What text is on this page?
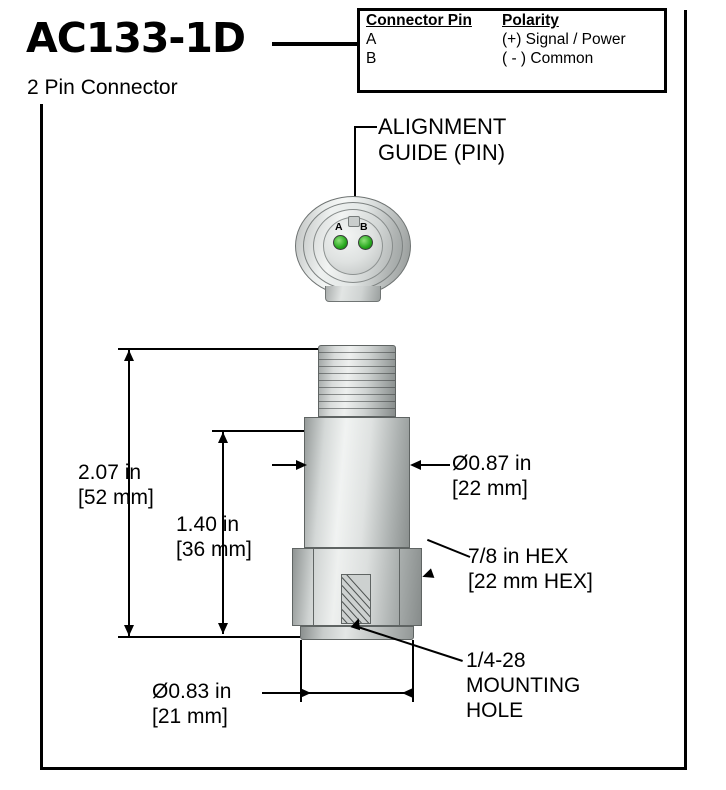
AC133-1D
2 Pin Connector
Connector Pin	Polarity
A	(+) Signal / Power
B	( - ) Common
ALIGNMENT
GUIDE (PIN)
A B
2.07 in
[52 mm]
1.40 in
[36 mm]
Ø0.87 in
[22 mm]
7/8 in HEX
[22 mm HEX]
1/4-28
MOUNTING
HOLE
Ø0.83 in
[21 mm]
